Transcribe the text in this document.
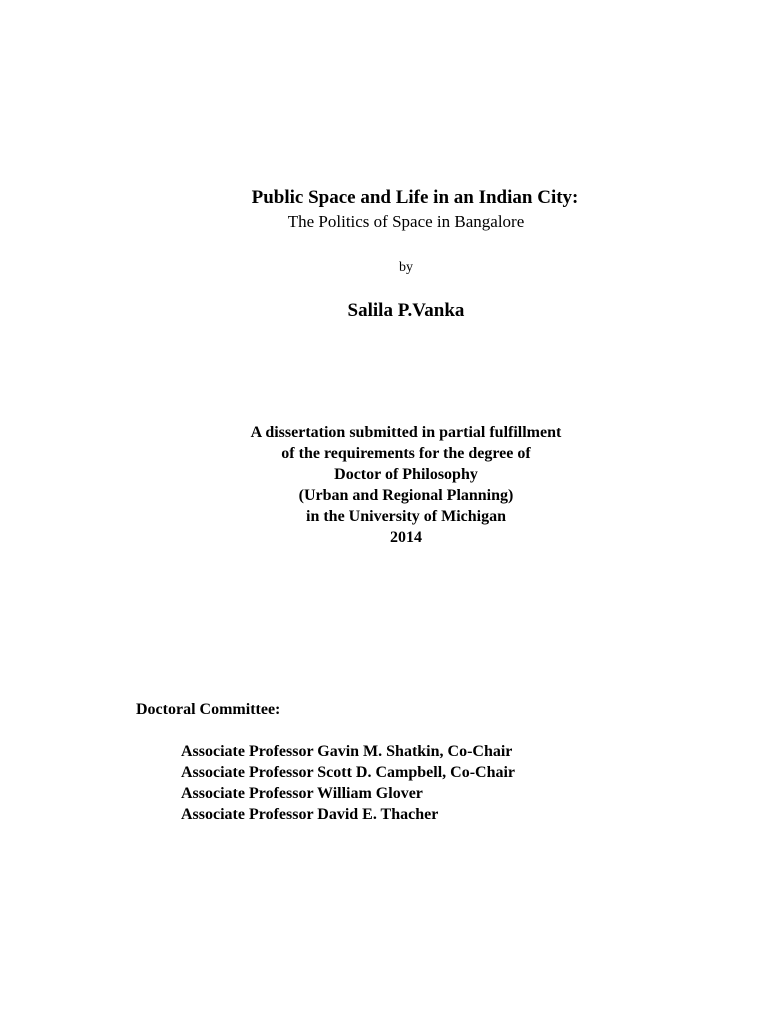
Public Space and Life in an Indian City:
The Politics of Space in Bangalore
by
Salila P.Vanka
A dissertation submitted in partial fulfillment
of the requirements for the degree of
Doctor of Philosophy
(Urban and Regional Planning)
in the University of Michigan
2014
Doctoral Committee:
Associate Professor Gavin M. Shatkin, Co-Chair
Associate Professor Scott D. Campbell, Co-Chair
Associate Professor William Glover
Associate Professor David E. Thacher
